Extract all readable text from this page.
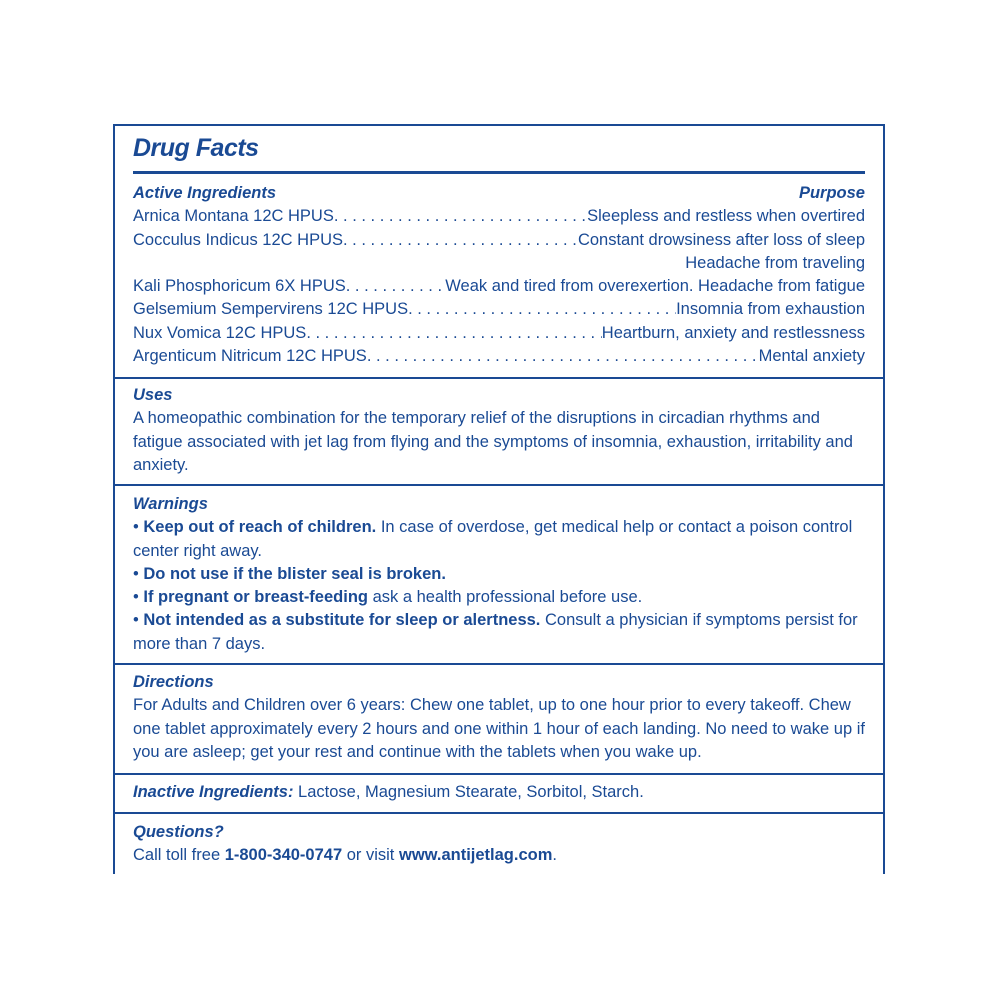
Drug Facts
Active Ingredients	Purpose
Arnica Montana 12C HPUS . . .	Sleepless and restless when overtired
Cocculus Indicus 12C HPUS . . .	Constant drowsiness after loss of sleep
Headache from traveling
Kali Phosphoricum 6X HPUS . . .	Weak and tired from overexertion. Headache from fatigue
Gelsemium Sempervirens 12C HPUS . . .	Insomnia from exhaustion
Nux Vomica 12C HPUS . . .	Heartburn, anxiety and restlessness
Argenticum Nitricum 12C HPUS . . .	Mental anxiety
Uses

A homeopathic combination for the temporary relief of the disruptions in circadian rhythms and fatigue associated with jet lag from flying and the symptoms of insomnia, exhaustion, irritability and anxiety.

Warnings

• Keep out of reach of children. In case of overdose, get medical help or contact a poison control center right away.

• Do not use if the blister seal is broken.

• If pregnant or breast-feeding ask a health professional before use.

• Not intended as a substitute for sleep or alertness. Consult a physician if symptoms persist for more than 7 days.

Directions

For Adults and Children over 6 years: Chew one tablet, up to one hour prior to every takeoff. Chew one tablet approximately every 2 hours and one within 1 hour of each landing. No need to wake up if you are asleep; get your rest and continue with the tablets when you wake up.

Inactive Ingredients: Lactose, Magnesium Stearate, Sorbitol, Starch.

Questions?

Call toll free 1-800-340-0747 or visit www.antijetlag.com.
